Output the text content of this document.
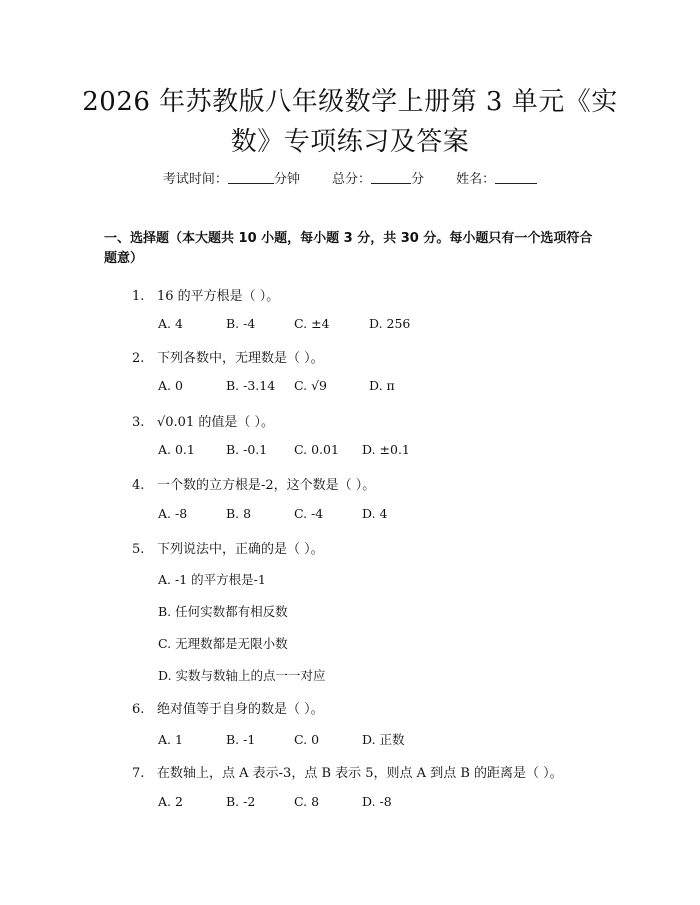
2026 年苏教版八年级数学上册第 3 单元《实
数》专项练习及答案
考试时间：	分钟 总分：	分 姓名：
一、选择题（本大题共 10 小题，每小题 3 分，共 30 分。每小题只有一个选项符合题意）
1. 16 的平方根是（ ）。
A. 4	B. -4	C. ±4	D. 256
2. 下列各数中，无理数是（ ）。
A. 0	B. -3.14 C. √9	D. π
3. √0.01 的值是（ ）。
A. 0.1 B. -0.1 C. 0.01 D. ±0.1
4. 一个数的立方根是-2，这个数是（ ）。
A. -8	B. 8	C. -4	D. 4
5. 下列说法中，正确的是（ ）。
A. -1 的平方根是-1
B. 任何实数都有相反数
C. 无理数都是无限小数
D. 实数与数轴上的点一一对应
6. 绝对值等于自身的数是（ ）。
A. 1	B. -1	C. 0	D. 正数
7. 在数轴上，点 A 表示-3，点 B 表示 5，则点 A 到点 B 的距离是（ ）。
A. 2	B. -2	C. 8	D. -8
